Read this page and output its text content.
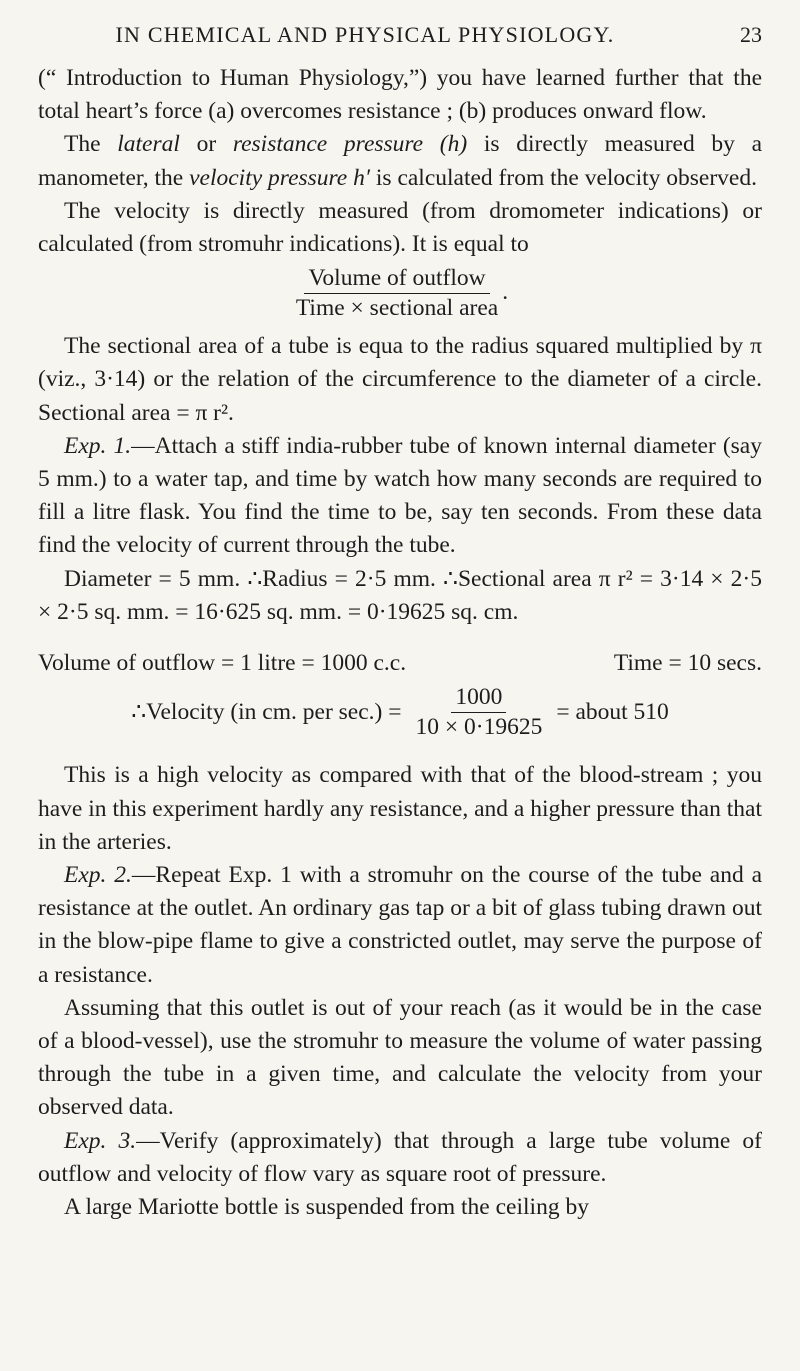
IN CHEMICAL AND PHYSICAL PHYSIOLOGY.	23

(“ Introduction to Human Physiology,”) you have learned further that the total heart’s force (a) overcomes resistance ; (b) produces onward flow.

The lateral or resistance pressure (h) is directly measured by a manometer, the velocity pressure h′ is calculated from the velocity observed.

The velocity is directly measured (from dromometer indications) or calculated (from stromuhr indications). It is equal to

$\frac{\text{Volume of outflow}}{\text{Time × sectional area}}$ .

The sectional area of a tube is equa to the radius squared multiplied by π (viz., 3·14) or the relation of the circumference to the diameter of a circle. Sectional area = π r².

Exp. 1.—Attach a stiff india-rubber tube of known internal diameter (say 5 mm.) to a water tap, and time by watch how many seconds are required to fill a litre flask. You find the time to be, say ten seconds. From these data find the velocity of current through the tube.

Diameter = 5 mm. ∴Radius = 2·5 mm. ∴Sectional area π r² = 3·14 × 2·5 × 2·5 sq. mm. = 16·625 sq. mm. = 0·19625 sq. cm.

Volume of outflow = 1 litre = 1000 c.c.	Time = 10 secs.
∴Velocity (in cm. per $\sec.) = \frac{1000}{10 \times 0\cdot 19625}$ = about 510

This is a high velocity as compared with that of the blood-stream ; you have in this experiment hardly any resistance, and a higher pressure than that in the arteries.

Exp. 2.—Repeat Exp. 1 with a stromuhr on the course of the tube and a resistance at the outlet. An ordinary gas tap or a bit of glass tubing drawn out in the blow-pipe flame to give a constricted outlet, may serve the purpose of a resistance.

Assuming that this outlet is out of your reach (as it would be in the case of a blood-vessel), use the stromuhr to measure the volume of water passing through the tube in a given time, and calculate the velocity from your observed data.

Exp. 3.—Verify (approximately) that through a large tube volume of outflow and velocity of flow vary as square root of pressure.

A large Mariotte bottle is suspended from the ceiling by
